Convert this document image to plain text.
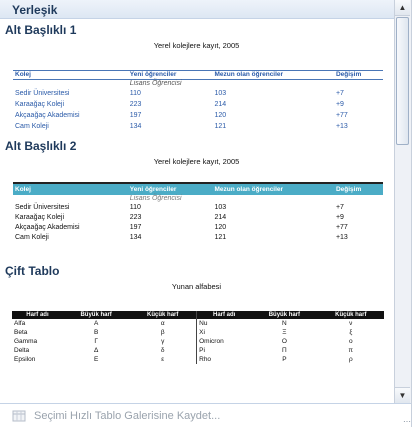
Yerleşik
Alt Başlıklı 1
Yerel kolejlere kayıt, 2005
Kolej	Yeni öğrenciler	Mezun olan öğrenciler	Değişim
	Lisans Öğrencisi		
Sedir Üniversitesi	110	103	+7
Karaağaç Koleji	223	214	+9
Akçaağaç Akademisi	197	120	+77
Cam Koleji	134	121	+13
Alt Başlıklı 2
Yerel kolejlere kayıt, 2005
Kolej	Yeni öğrenciler	Mezun olan öğrenciler	Değişim
	Lisans Öğrencisi		
Sedir Üniversitesi	110	103	+7
Karaağaç Koleji	223	214	+9
Akçaağaç Akademisi	197	120	+77
Cam Koleji	134	121	+13
Çift Tablo
Yunan alfabesi
Harf adı	Büyük harf	Küçük harf	Harf adı	Büyük harf	Küçük harf
Alfa	Α	α	Nu	Ν	ν
Beta	Β	β	Xi	Ξ	ξ
Gamma	Γ	γ	Omicron	Ο	ο
Delta	Δ	δ	Pi	Π	π
Epsilon	Ε	ε	Rho	Ρ	ρ
▲
▼
Seçimi Hızlı Tablo Galerisine Kaydet...	⋯
